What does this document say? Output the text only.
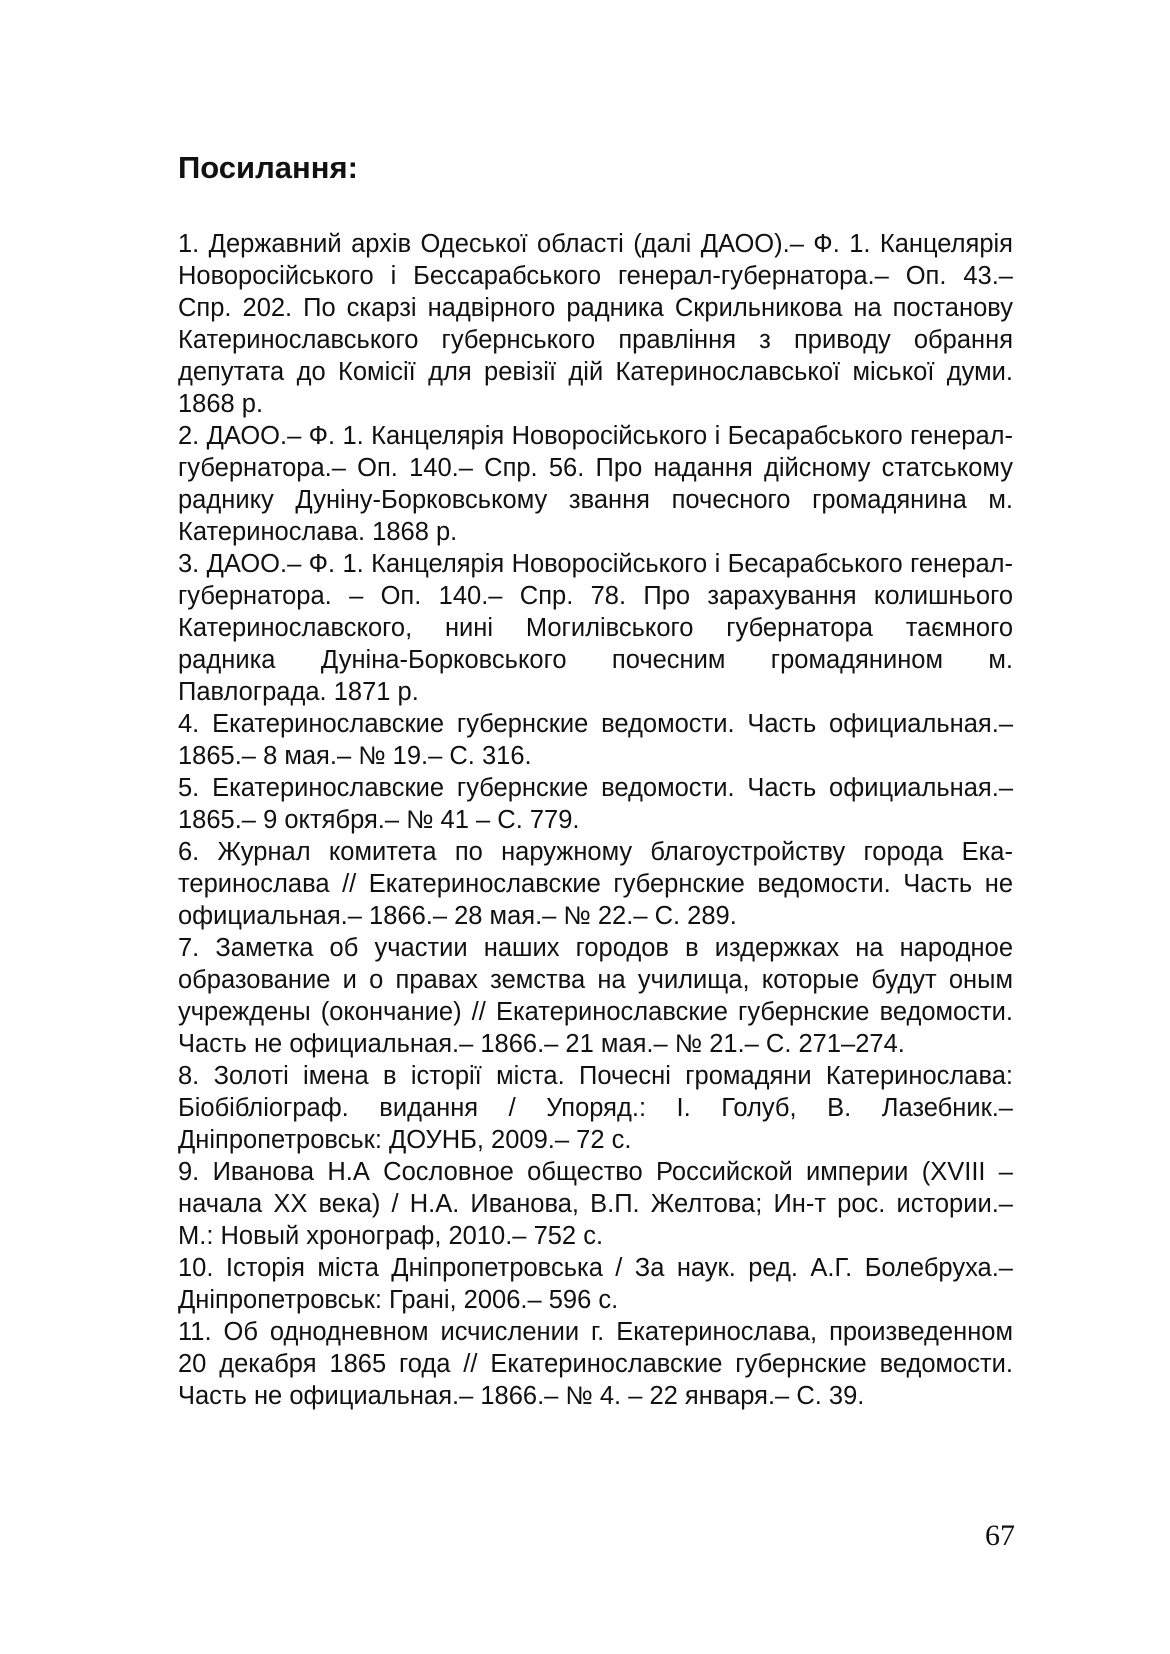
Посилання:
1. Державний архів Одеської області (далі ДАОО).– Ф. 1. Канцелярія Новоросійського і Бессарабського генерал-губернатора.– Оп. 43.– Спр. 202. По скарзі надвірного радника Скрильникова на постанову Катеринославського губернського правління з приводу обрання депутата до Комісії для ревізії дій Катеринославської міської думи. 1868 р.
2. ДАОО.– Ф. 1. Канцелярія Новоросійського і Бесарабського генерал-губернатора.– Оп. 140.– Спр. 56. Про надання дійсному статському раднику Дуніну-Борковському звання почесного громадянина м. Катеринослава. 1868 р.
3. ДАОО.– Ф. 1. Канцелярія Новоросійського і Бесарабського генерал-губернатора. – Оп. 140.– Спр. 78. Про зарахування колишнього Катеринославского, нині Могилівського губернатора таємного радника Дуніна-Борковського почесним громадянином м. Павлограда. 1871 р.
4. Екатеринославские губернские ведомости. Часть официальная.– 1865.– 8 мая.– № 19.– С. 316.
5. Екатеринославские губернские ведомости. Часть официальная.– 1865.– 9 октября.– № 41 – С. 779.
6. Журнал комитета по наружному благоустройству города Екатеринослава // Екатеринославские губернские ведомости. Часть не официальная.– 1866.– 28 мая.– № 22.– С. 289.
7. Заметка об участии наших городов в издержках на народное образование и о правах земства на училища, которые будут оным учреждены (окончание) // Екатеринославские губернские ведомости. Часть не официальная.– 1866.– 21 мая.– № 21.– С. 271–274.
8. Золоті імена в історії міста. Почесні громадяни Катеринослава: Біобібліограф. видання / Упоряд.: І. Голуб, В. Лазебник.– Дніпропетровськ: ДОУНБ, 2009.– 72 с.
9. Иванова Н.А Сословное общество Российской империи (XVIII – начала XX века) / Н.А. Иванова, В.П. Желтова; Ин-т рос. истории.– М.: Новый хронограф, 2010.– 752 с.
10. Історія міста Дніпропетровська / За наук. ред. А.Г. Болебруха.– Дніпропетровськ: Грані, 2006.– 596 с.
11. Об однодневном исчислении г. Екатеринослава, произведенном 20 декабря 1865 года // Екатеринославские губернские ведомости. Часть не официальная.– 1866.– № 4. – 22 января.– С. 39.
67
